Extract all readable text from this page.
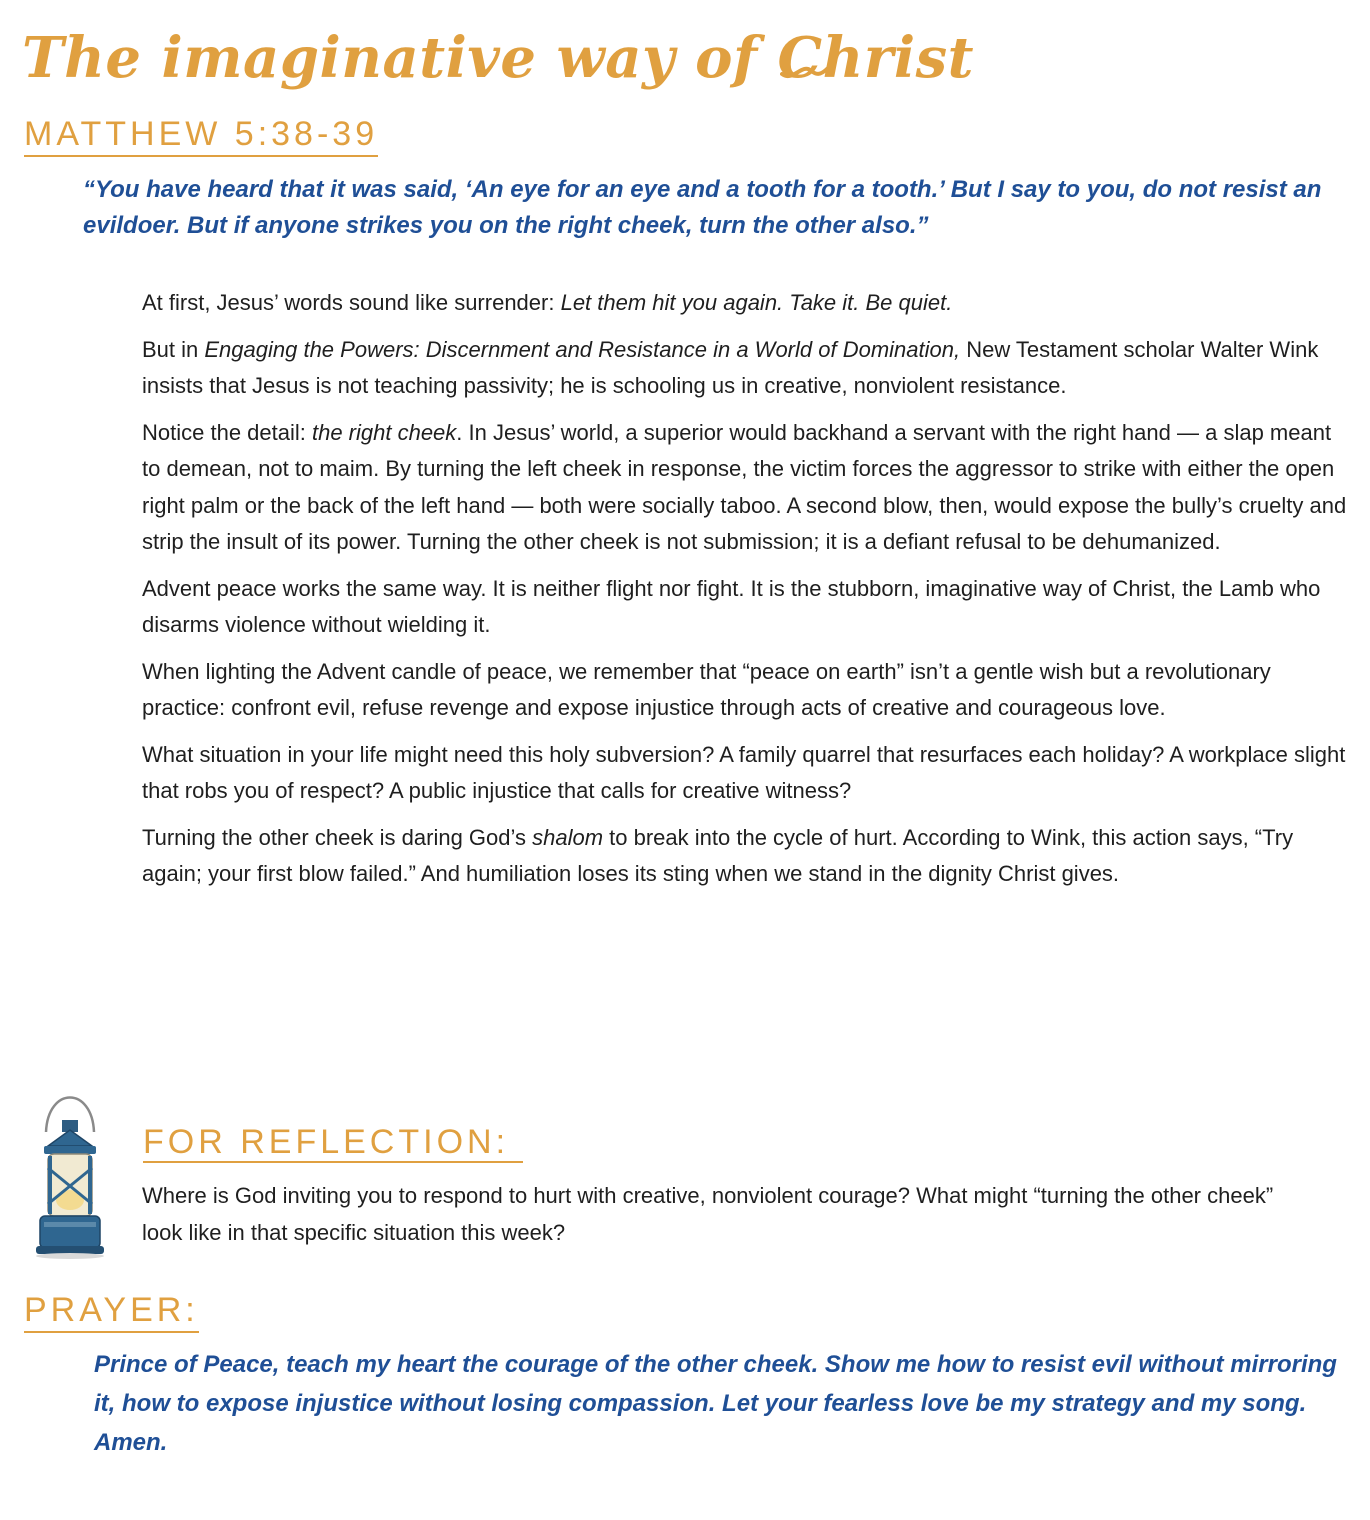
The imaginative way of Christ
MATTHEW 5:38-39

“You have heard that it was said, ‘An eye for an eye and a tooth for a tooth.’ But I say to you, do not resist an evildoer. But if anyone strikes you on the right cheek, turn the other also.”

At first, Jesus’ words sound like surrender: Let them hit you again. Take it. Be quiet.

But in Engaging the Powers: Discernment and Resistance in a World of Domination, New Testament scholar Walter Wink insists that Jesus is not teaching passivity; he is schooling us in creative, nonviolent resistance.

Notice the detail: the right cheek. In Jesus’ world, a superior would backhand a servant with the right hand — a slap meant to demean, not to maim. By turning the left cheek in response, the victim forces the aggressor to strike with either the open right palm or the back of the left hand — both were socially taboo. A second blow, then, would expose the bully’s cruelty and strip the insult of its power. Turning the other cheek is not submission; it is a defiant refusal to be dehumanized.

Advent peace works the same way. It is neither flight nor fight. It is the stubborn, imaginative way of Christ, the Lamb who disarms violence without wielding it.

When lighting the Advent candle of peace, we remember that “peace on earth” isn’t a gentle wish but a revolutionary practice: confront evil, refuse revenge and expose injustice through acts of creative and courageous love.

What situation in your life might need this holy subversion? A family quarrel that resurfaces each holiday? A workplace slight that robs you of respect? A public injustice that calls for creative witness?

Turning the other cheek is daring God’s shalom to break into the cycle of hurt. According to Wink, this action says, “Try again; your first blow failed.” And humiliation loses its sting when we stand in the dignity Christ gives.

FOR REFLECTION:

Where is God inviting you to respond to hurt with creative, nonviolent courage? What might “turning the other cheek” look like in that specific situation this week?

PRAYER:

Prince of Peace, teach my heart the courage of the other cheek. Show me how to resist evil without mirroring it, how to expose injustice without losing compassion. Let your fearless love be my strategy and my song. Amen.
